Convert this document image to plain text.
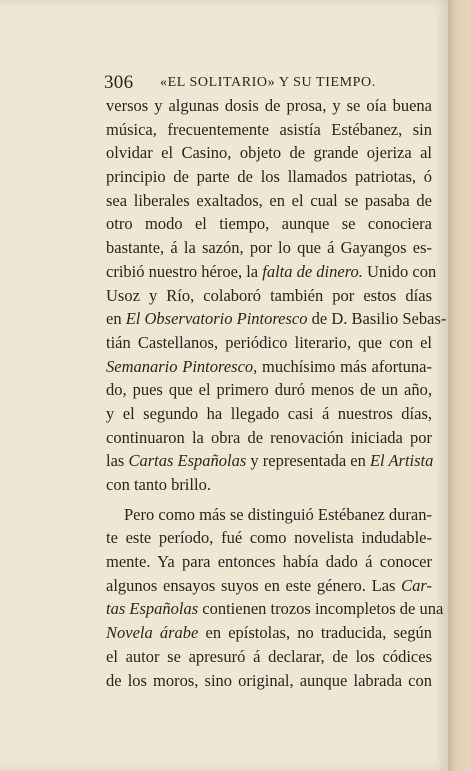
306 «EL SOLITARIO» Y SU TIEMPO.
versos y algunas dosis de prosa, y se oía buena
música, frecuentemente asistía Estébanez, sin
olvidar el Casino, objeto de grande ojeriza al
principio de parte de los llamados patriotas, ó
sea liberales exaltados, en el cual se pasaba de
otro modo el tiempo, aunque se conociera
bastante, á la sazón, por lo que á Gayangos es-
cribió nuestro héroe, la falta de dinero. Unido con
Usoz y Río, colaboró también por estos días
en El Observatorio Pintoresco de D. Basilio Sebas-
tián Castellanos, periódico literario, que con el
Semanario Pintoresco, muchísimo más afortuna-
do, pues que el primero duró menos de un año,
y el segundo ha llegado casi á nuestros días,
continuaron la obra de renovación iniciada por
las Cartas Españolas y representada en El Artista
con tanto brillo.
Pero como más se distinguió Estébanez duran-
te este período, fué como novelista indudable-
mente. Ya para entonces había dado á conocer
algunos ensayos suyos en este género. Las Car-
tas Españolas contienen trozos incompletos de una
Novela árabe en epístolas, no traducida, según
el autor se apresuró á declarar, de los códices
de los moros, sino original, aunque labrada con
